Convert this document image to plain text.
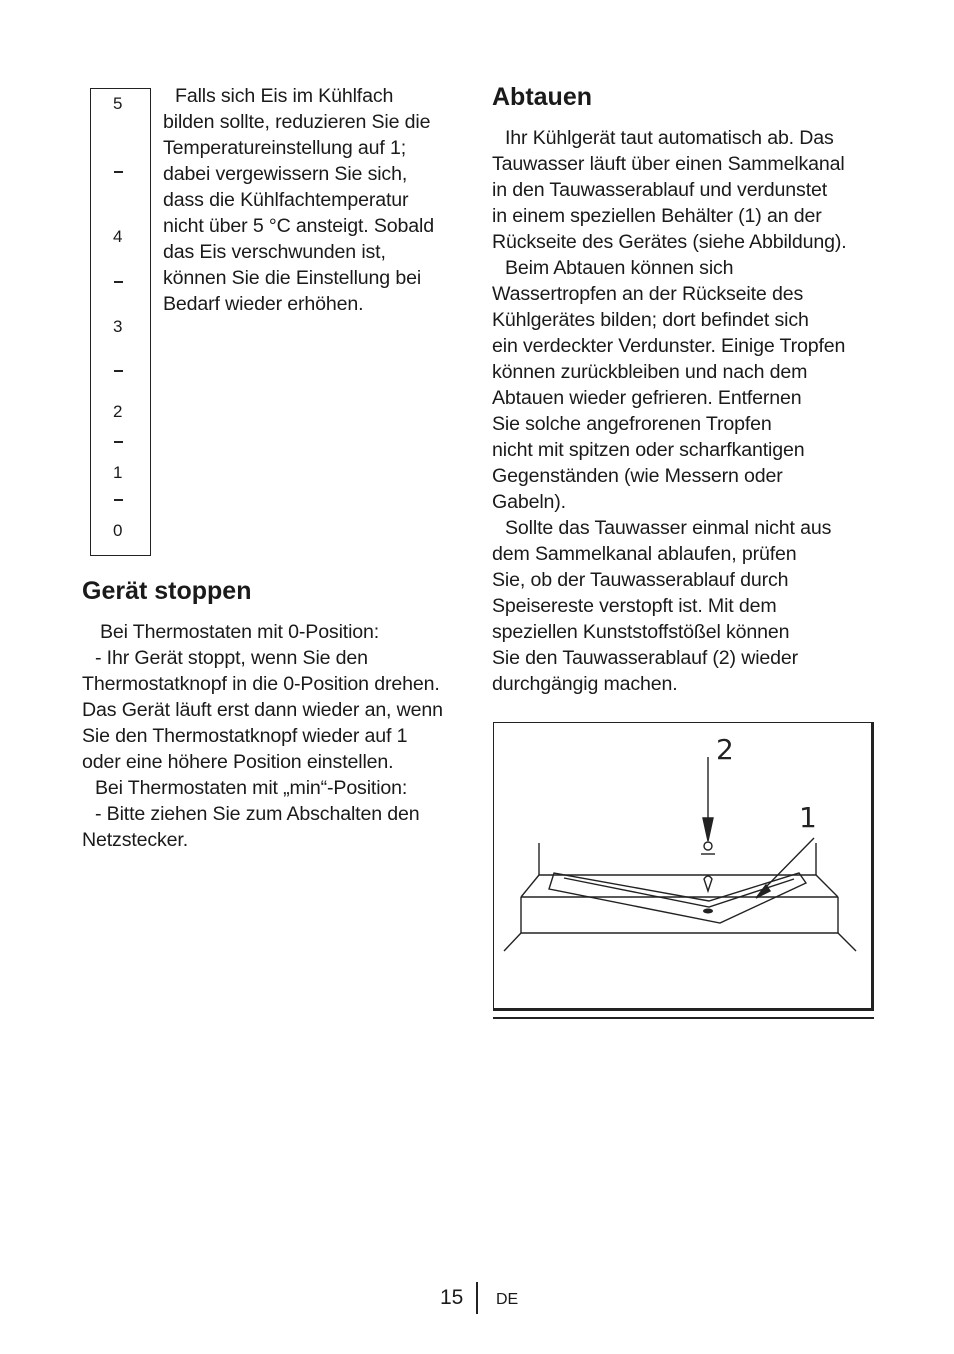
5
4
3
2
1
0

Falls sich Eis im Kühlfach
bilden sollte, reduzieren Sie die
Temperatureinstellung auf 1;
dabei vergewissern Sie sich,
dass die Kühlfachtemperatur
nicht über 5 °C ansteigt. Sobald
das Eis verschwunden ist,
können Sie die Einstellung bei
Bedarf wieder erhöhen.

Gerät stoppen

Bei Thermostaten mit 0-Position:
- Ihr Gerät stoppt, wenn Sie den
Thermostatknopf in die 0-Position drehen.
Das Gerät läuft erst dann wieder an, wenn
Sie den Thermostatknopf wieder auf 1
oder eine höhere Position einstellen.
Bei Thermostaten mit „min“-Position:
- Bitte ziehen Sie zum Abschalten den
Netzstecker.

Abtauen

Ihr Kühlgerät taut automatisch ab. Das
Tauwasser läuft über einen Sammelkanal
in den Tauwasserablauf und verdunstet
in einem speziellen Behälter (1) an der
Rückseite des Gerätes (siehe Abbildung).
Beim Abtauen können sich
Wassertropfen an der Rückseite des
Kühlgerätes bilden; dort befindet sich
ein verdeckter Verdunster. Einige Tropfen
können zurückbleiben und nach dem
Abtauen wieder gefrieren. Entfernen
Sie solche angefrorenen Tropfen
nicht mit spitzen oder scharfkantigen
Gegenständen (wie Messern oder
Gabeln).
Sollte das Tauwasser einmal nicht aus
dem Sammelkanal ablaufen, prüfen
Sie, ob der Tauwasserablauf durch
Speisereste verstopft ist. Mit dem
speziellen Kunststoffstößel können
Sie den Tauwasserablauf (2) wieder
durchgängig machen.

2
1
15 DE
